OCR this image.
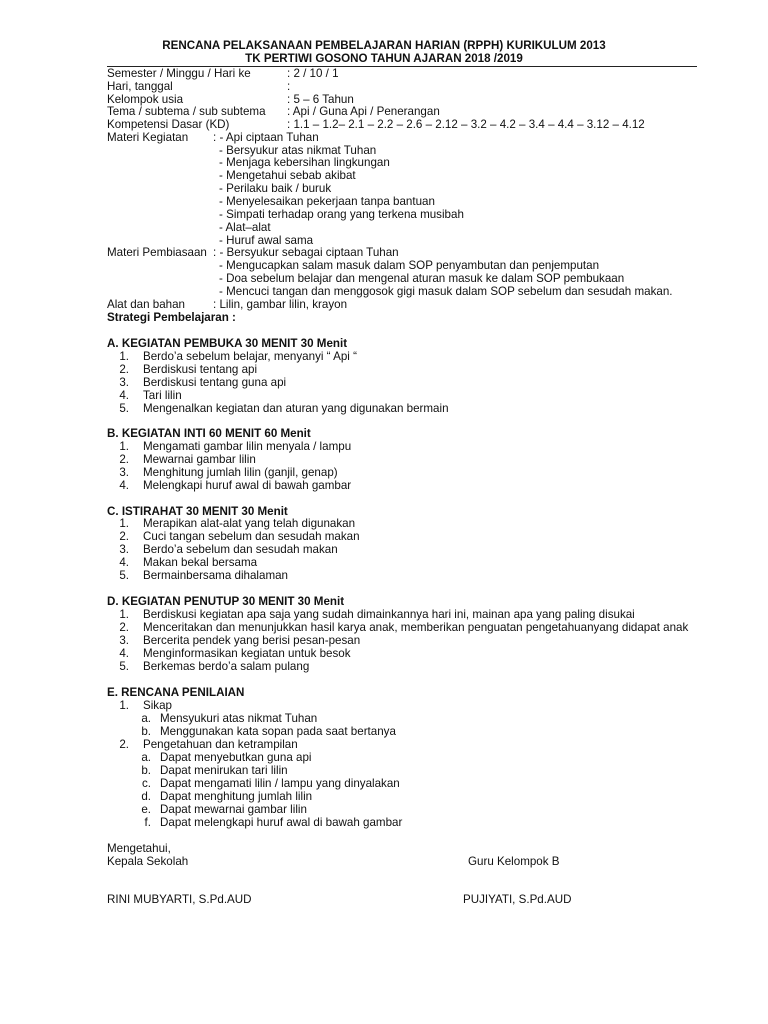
RENCANA PELAKSANAAN PEMBELAJARAN HARIAN (RPPH) KURIKULUM 2013
TK PERTIWI GOSONO TAHUN AJARAN 2018 /2019
Semester / Minggu / Hari ke	: 2 / 10 / 1
Hari, tanggal	:
Kelompok usia	: 5 – 6 Tahun
Tema / subtema / sub subtema : Api / Guna Api / Penerangan
Kompetensi Dasar (KD)	: 1.1 – 1.2– 2.1 – 2.2 – 2.6 – 2.12 – 3.2 – 4.2 – 3.4 – 4.4 – 3.12 – 4.12
Materi Kegiatan : - Api ciptaan Tuhan
- Bersyukur atas nikmat Tuhan
- Menjaga kebersihan lingkungan
- Mengetahui sebab akibat
- Perilaku baik / buruk
- Menyelesaikan pekerjaan tanpa bantuan
- Simpati terhadap orang yang terkena musibah
- Alat–alat
- Huruf awal sama
Materi Pembiasaan : - Bersyukur sebagai ciptaan Tuhan
- Mengucapkan salam masuk dalam SOP penyambutan dan penjemputan
- Doa sebelum belajar dan mengenal aturan masuk ke dalam SOP pembukaan
- Mencuci tangan dan menggosok gigi masuk dalam SOP sebelum dan sesudah makan.
Alat dan bahan : Lilin, gambar lilin, krayon
Strategi Pembelajaran :
A. KEGIATAN PEMBUKA 30 MENIT 30 Menit
1. Berdo’a sebelum belajar, menyanyi “ Api “
2. Berdiskusi tentang api
3. Berdiskusi tentang guna api
4. Tari lilin
5. Mengenalkan kegiatan dan aturan yang digunakan bermain
B. KEGIATAN INTI 60 MENIT 60 Menit
1. Mengamati gambar lilin menyala / lampu
2. Mewarnai gambar lilin
3. Menghitung jumlah lilin (ganjil, genap)
4. Melengkapi huruf awal di bawah gambar
C. ISTIRAHAT 30 MENIT 30 Menit
1. Merapikan alat-alat yang telah digunakan
2. Cuci tangan sebelum dan sesudah makan
3. Berdo’a sebelum dan sesudah makan
4. Makan bekal bersama
5. Bermainbersama dihalaman
D. KEGIATAN PENUTUP 30 MENIT 30 Menit
1. Berdiskusi kegiatan apa saja yang sudah dimainkannya hari ini, mainan apa yang paling disukai
2. Menceritakan dan menunjukkan hasil karya anak, memberikan penguatan pengetahuanyang didapat anak
3. Bercerita pendek yang berisi pesan-pesan
4. Menginformasikan kegiatan untuk besok
5. Berkemas berdo’a salam pulang
E. RENCANA PENILAIAN
1. Sikap
a. Mensyukuri atas nikmat Tuhan
b. Menggunakan kata sopan pada saat bertanya
2. Pengetahuan dan ketrampilan
a. Dapat menyebutkan guna api
b. Dapat menirukan tari lilin
c. Dapat mengamati lilin / lampu yang dinyalakan
d. Dapat menghitung jumlah lilin
e. Dapat mewarnai gambar lilin
f. Dapat melengkapi huruf awal di bawah gambar
Mengetahui,
Kepala Sekolah	Guru Kelompok B
RINI MUBYARTI, S.Pd.AUD	PUJIYATI, S.Pd.AUD
